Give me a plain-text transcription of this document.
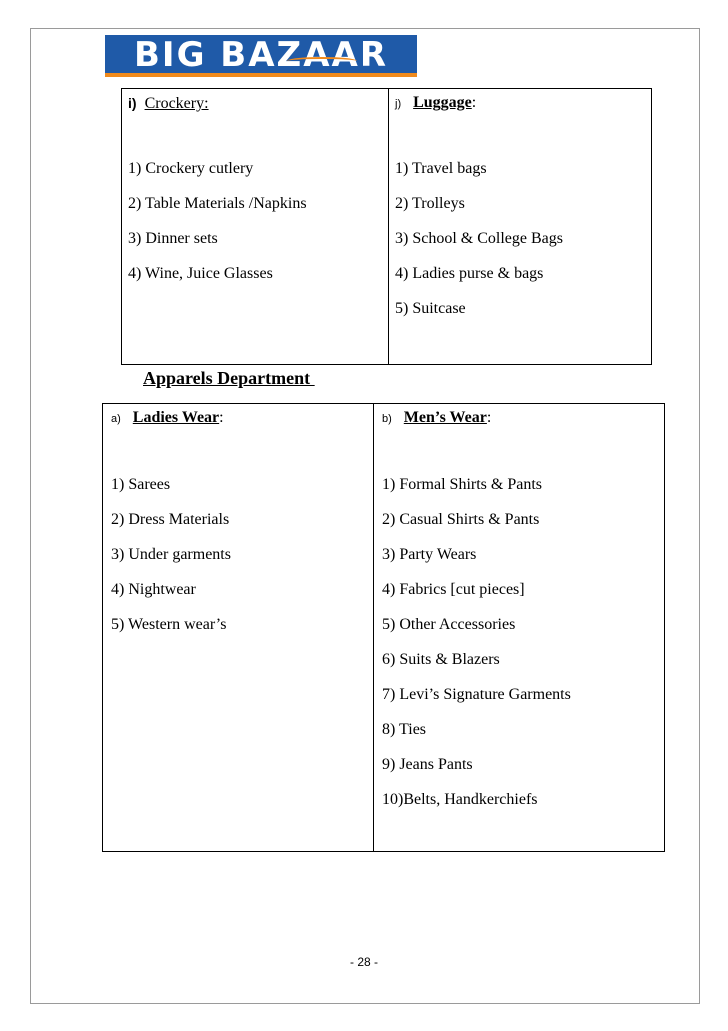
BIG BAZAAR
i) Crockery:
1) Crockery cutlery
2) Table Materials /Napkins
3) Dinner sets
4) Wine, Juice Glasses

j) Luggage:
1) Travel bags
2) Trolleys
3) School & College Bags
4) Ladies purse & bags
5) Suitcase
Apparels Department
a) Ladies Wear:
1) Sarees
2) Dress Materials
3) Under garments
4) Nightwear
5) Western wear’s

b) Men’s Wear:
1) Formal Shirts & Pants
2) Casual Shirts & Pants
3) Party Wears
4) Fabrics [cut pieces]
5) Other Accessories
6) Suits & Blazers
7) Levi’s Signature Garments
8) Ties
9) Jeans Pants
10)Belts, Handkerchiefs
- 28 -
